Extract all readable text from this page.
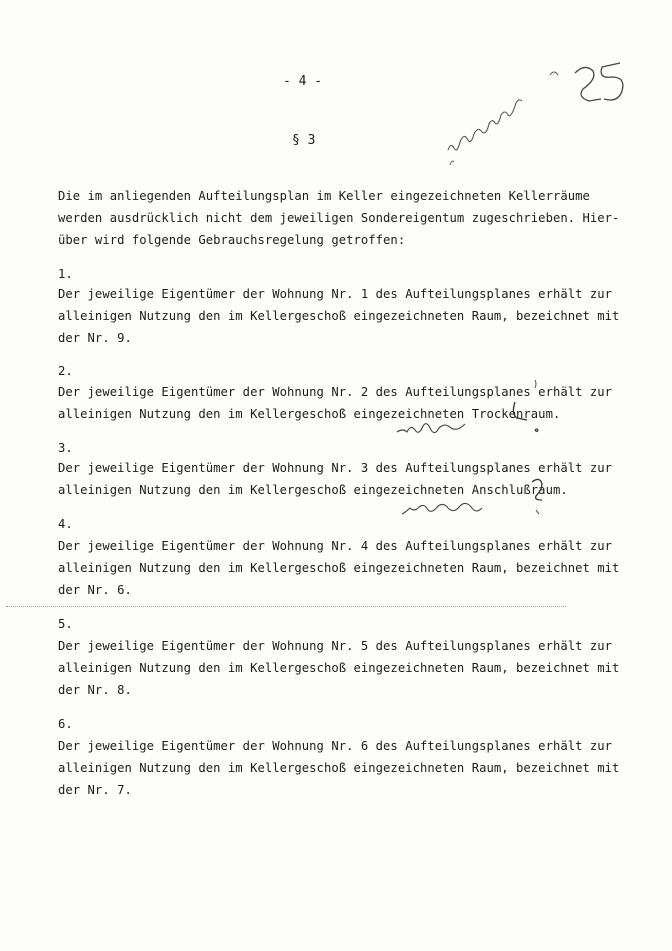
- 4 -
§ 3
Die im anliegenden Aufteilungsplan im Keller eingezeichneten Kellerräume
werden ausdrücklich nicht dem jeweiligen Sondereigentum zugeschrieben. Hier-
über wird folgende Gebrauchsregelung getroffen:
1.
Der jeweilige Eigentümer der Wohnung Nr. 1 des Aufteilungsplanes erhält zur
alleinigen Nutzung den im Kellergeschoß eingezeichneten Raum, bezeichnet mit
der Nr. 9.
2.
Der jeweilige Eigentümer der Wohnung Nr. 2 des Aufteilungsplanes erhält zur
alleinigen Nutzung den im Kellergeschoß eingezeichneten Trockenraum.
3.
Der jeweilige Eigentümer der Wohnung Nr. 3 des Aufteilungsplanes erhält zur
alleinigen Nutzung den im Kellergeschoß eingezeichneten Anschlußraum.
4.
Der jeweilige Eigentümer der Wohnung Nr. 4 des Aufteilungsplanes erhält zur
alleinigen Nutzung den im Kellergeschoß eingezeichneten Raum, bezeichnet mit
der Nr. 6.
5.
Der jeweilige Eigentümer der Wohnung Nr. 5 des Aufteilungsplanes erhält zur
alleinigen Nutzung den im Kellergeschoß eingezeichneten Raum, bezeichnet mit
der Nr. 8.
6.
Der jeweilige Eigentümer der Wohnung Nr. 6 des Aufteilungsplanes erhält zur
alleinigen Nutzung den im Kellergeschoß eingezeichneten Raum, bezeichnet mit
der Nr. 7.
